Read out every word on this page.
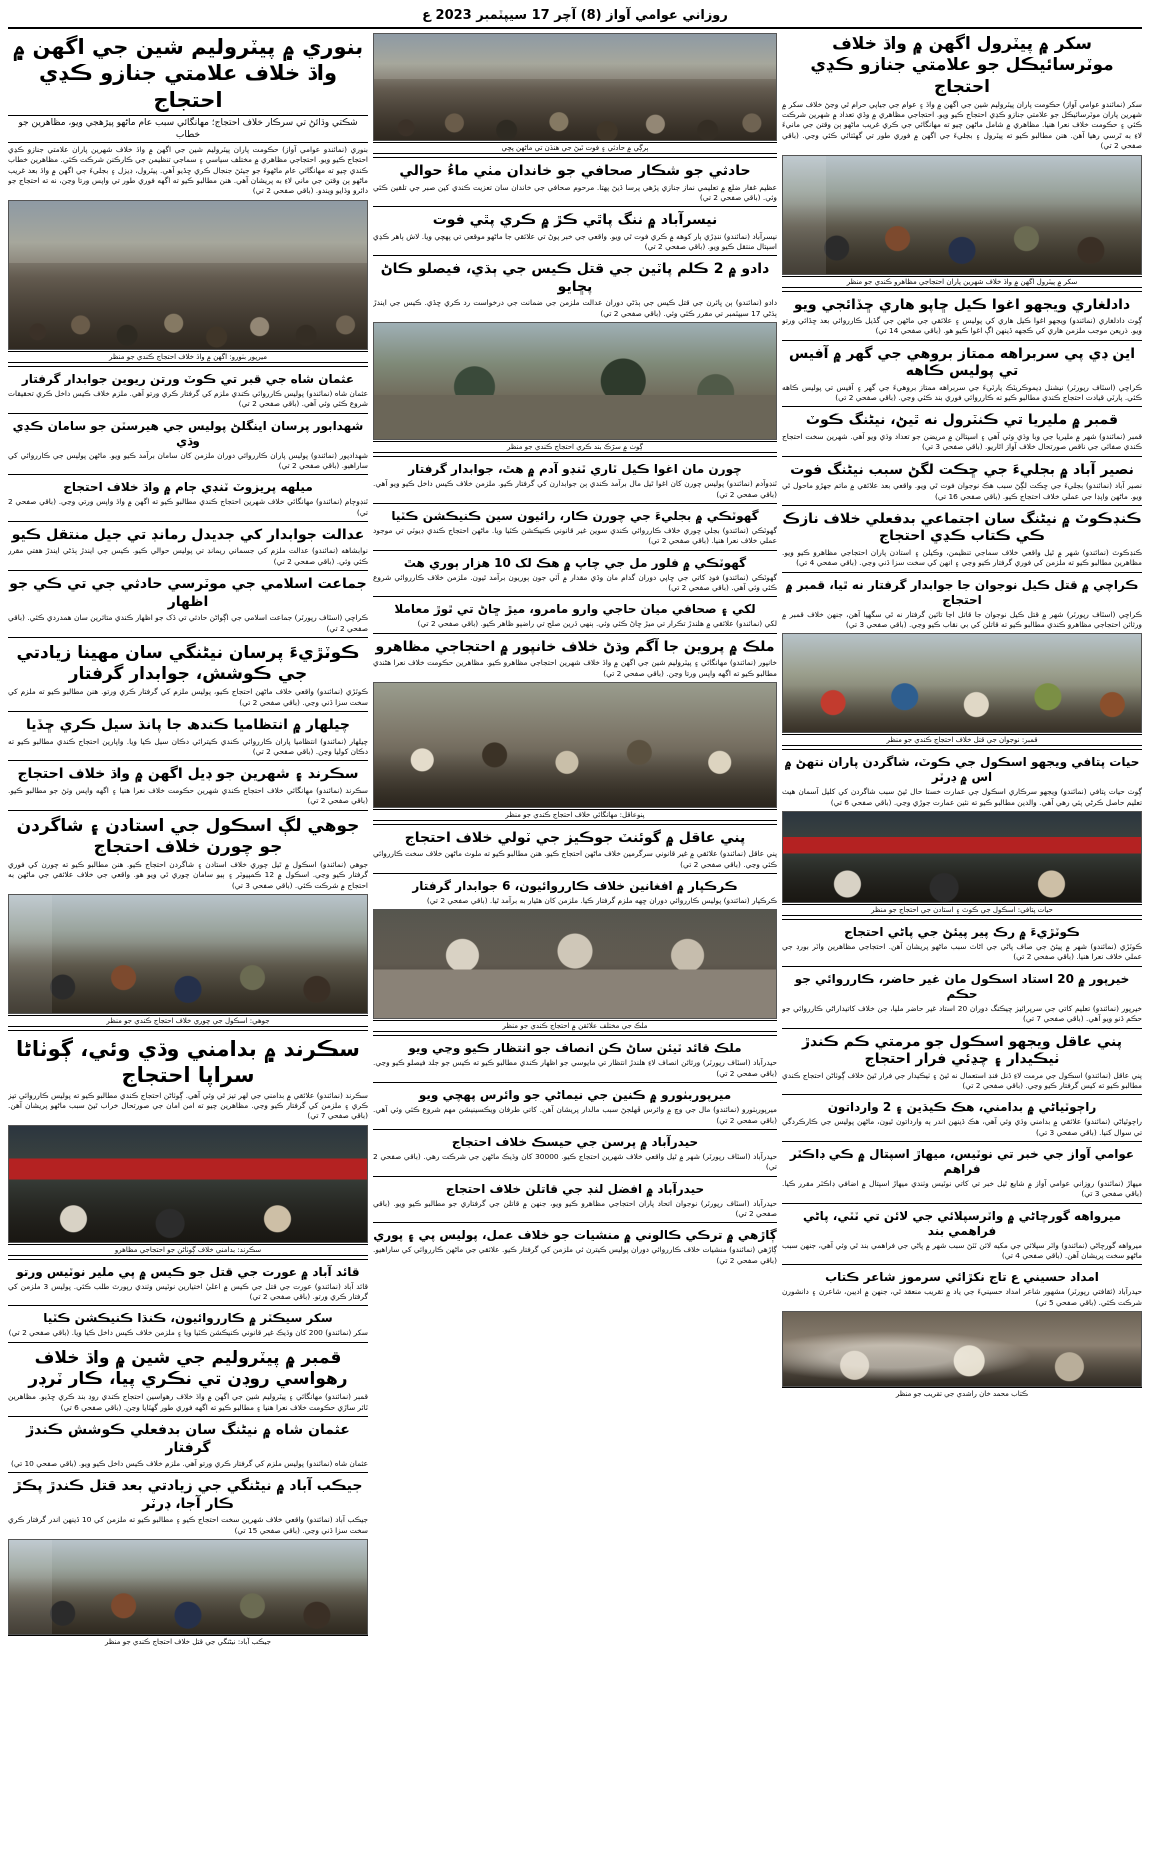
روزاني عوامي آواز (8) آچر 17 سيپٽمبر 2023 ع
سکر ۾ پيٽرول اگهن ۾ واڌ خلاف موٽرسائيڪل جو علامتي جنازو ڪڍي احتجاج
سکر (نمائندو عوامي آواز) حڪومت پاران پيٽروليم شين جي اگهن ۾ واڌ ۽ عوام جي جياپي حرام ٿي وڃڻ خلاف سکر ۾ شهرين پاران موٽرسائيڪل جو علامتي جنازو ڪڍي احتجاج ڪيو ويو. احتجاجي مظاهري ۾ وڏي تعداد ۾ شهرين شرڪت ڪئي ۽ حڪومت خلاف نعرا هنيا. مظاهري ۾ شامل ماڻهن چيو ته مهانگائي جي ڪري غريب ماڻهو ٻن وقتن جي مانيءَ لاءِ به تَرسي رهيا آهن. هنن مطالبو ڪيو ته پيٽرول ۽ بجليءَ جي اگهن ۾ فوري طور تي گهٽتائي ڪئي وڃي. (باقي صفحي 2 تي)
سکر ۾ پيٽرول اگهن ۾ واڌ خلاف شهرين پاران احتجاجي مظاهرو ڪندي جو منظر
دادلغاري ويجهو اغوا ڪيل ڇاپو هاري ڇڏائجي ويو
ڳوٺ دادلغاري (نمائندو) ويجهو اغوا ڪيل هاري کي پوليس ۽ علائقي جي ماڻهن جي گڏيل ڪارروائي بعد ڇڏائي ورتو ويو. ذريعن موجب ملزمن هاري کي ڪجهه ڏينهن اڳ اغوا ڪيو هو. (باقي صفحي 14 تي)
اين ڊي پي سربراهه ممتاز بروهي جي گهر ۾ آفيس تي پوليس ڪاهه
ڪراچي (اسٽاف رپورٽر) نيشنل ڊيموڪريٽڪ پارٽيءَ جي سربراهه ممتاز بروهيءَ جي گهر ۽ آفيس تي پوليس ڪاهه ڪئي. پارٽي قيادت احتجاج ڪندي مطالبو ڪيو ته ڪارروائي فوري بند ڪئي وڃي. (باقي صفحي 2 تي)
قمبر ۾ مليريا تي ڪنٽرول نه ٿيڻ، نيڻنگ ڪوٽ
قمبر (نمائندو) شهر ۾ مليريا جي وبا وڌي وئي آهي ۽ اسپتالن ۾ مريضن جو تعداد وڌي ويو آهي. شهرين سخت احتجاج ڪندي صفائي جي ناقص صورتحال خلاف آواز اٿاريو. (باقي صفحي 3 تي)
نصير آباد ۾ بجليءَ جي ڇڪت لگڻ سبب نيڻنگ فوت
نصير آباد (نمائندو) بجليءَ جي ڇڪت لڳڻ سبب هڪ نوجوان فوت ٿي ويو. واقعي بعد علائقي ۾ ماتم جهڙو ماحول ٿي ويو. ماڻهن واپڊا جي عملي خلاف احتجاج ڪيو. (باقي صفحي 16 تي)
ڪنڊڪوٽ ۾ نيڻنگ سان اجتماعي بدفعلي خلاف نازڪ ڪي ڪتاب ڪڍي احتجاج
ڪنڊڪوٽ (نمائندو) شهر ۾ ٿيل واقعي خلاف سماجي تنظيمن، وڪيلن ۽ استادن پاران احتجاجي مظاهرو ڪيو ويو. مظاهرين مطالبو ڪيو ته ملزمن کي فوري گرفتار ڪيو وڃي ۽ انهن کي سخت سزا ڏني وڃي. (باقي صفحي 4 تي)
ڪراچي ۾ قتل ڪيل نوجوان جا جوابدار گرفتار نه ٿيا، قمبر ۾ احتجاج
ڪراچي (اسٽاف رپورٽر) شهر ۾ قتل ڪيل نوجوان جا قاتل اڃا تائين گرفتار نه ٿي سگهيا آهن، جنهن خلاف قمبر ۾ ورثائن احتجاجي مظاهرو ڪندي مطالبو ڪيو ته قاتلن کي بي نقاب ڪيو وڃي. (باقي صفحي 3 تي)
قمبر: نوجوان جي قتل خلاف احتجاج ڪندي جو منظر
حيات پتافي ويجهو اسڪول جي ڪوٽ، شاگردن پاران نتهڻ ۾ اس ۾ ڊرٽر
ڳوٺ حيات پتافي (نمائندو) ويجهو سرڪاري اسڪول جي عمارت خستا حال ٿيڻ سبب شاگردن کي کليل آسمان هيٺ تعليم حاصل ڪرڻي پئي رهي آهي. والدين مطالبو ڪيو ته نئين عمارت جوڙي وڃي. (باقي صفحي 6 تي)
حيات پتافي: اسڪول جي ڪوٽ ۽ استادن جي احتجاج جو منظر
ڪوٽڙيءَ ۾ رڪ پير پيئڻ جي پاڻي احتجاج
ڪوٽڙي (نمائندو) شهر ۾ پيئڻ جي صاف پاڻي جي اڻاٺ سبب ماڻهو پريشان آهن. احتجاجي مظاهرين واٽر بورڊ جي عملي خلاف نعرا هنيا. (باقي صفحي 2 تي)
خيرپور ۾ 20 استاد اسڪول مان غير حاضر، ڪارروائي جو حڪم
خيرپور (نمائندو) تعليم کاتي جي سرپرائيز چيڪنگ دوران 20 استاد غير حاضر مليا، جن خلاف کاتيداراڻي ڪارروائي جو حڪم ڏنو ويو آهي. (باقي صفحي 7 تي)
پني عاقل ويجهو اسڪول جو مرمتي ڪم ڪندڙ ٺيڪيدار ۽ چڍئي فرار احتجاج
پني عاقل (نمائندو) اسڪول جي مرمت لاءِ ڏنل فنڊ استعمال نه ٿيڻ ۽ ٺيڪيدار جي فرار ٿيڻ خلاف ڳوٺاڻن احتجاج ڪندي مطالبو ڪيو ته کيس گرفتار ڪيو وڃي. (باقي صفحي 2 تي)
راڄوٽياڻي ۾ بدامني، هڪ ڪيڌين ۽ 2 وارداتون
راڄوٽياڻي (نمائندو) علائقي ۾ بدامني وڌي وئي آهي، هڪ ڏينهن اندر ٻه وارداتون ٿيون، ماڻهن پوليس جي ڪارڪردگي تي سوال کنيا. (باقي صفحي 3 تي)
عوامي آواز جي خبر تي نوٽيس، ميهاڙ اسپتال ۾ ڪي ڊاڪٽر فراهم
ميهاڙ (نمائندو) روزاني عوامي آواز ۾ شايع ٿيل خبر تي کاتي نوٽيس وٺندي ميهاڙ اسپتال ۾ اضافي ڊاڪٽر مقرر ڪيا. (باقي صفحي 3 تي)
ميرواهه گورچاڻي ۾ واٽرسپلائي جي لائن تي ٽٽي، پاڻي فراهمي بند
ميرواهه گورچاڻي (نمائندو) واٽر سپلائي جي مکيه لائن ٽٽڻ سبب شهر ۾ پاڻي جي فراهمي بند ٿي وئي آهي، جنهن سبب ماڻهو سخت پريشان آهن. (باقي صفحي 4 تي)
امداد حسيني ع تاج نکڙائي سرموز شاعر ڪتاب
حيدرآباد (ثقافتي رپورٽر) مشهور شاعر امداد حسينيءَ جي ياد ۾ تقريب منعقد ٿي، جنهن ۾ اديبن، شاعرن ۽ دانشورن شرڪت ڪئي. (باقي صفحي 5 تي)
ڪتاب محمد خان راشدي جي تقريب جو منظر
ٻرڳي ۾ حادثي ۽ فوت ٿيڻ جي هنڌن تي ماڻهن پڇي
حادثي جو شڪار صحافي جو خاندان مٺي ماءُ حوالي
عظيم غفار ضلع ۾ تعليمي نماز جنازي پڙهي پرسا ڏيڻ پهتا. مرحوم صحافي جي خاندان سان تعزيت ڪندي کين صبر جي تلقين ڪئي وئي. (باقي صفحي 2 تي)
نيسرآباد ۾ ننگ پاٿي ڪڙ ۾ ڪري پٿي فوت
نيسرآباد (نمائندو) ننڍڙي ٻار کوهه ۾ ڪري فوت ٿي ويو. واقعي جي خبر پوڻ تي علائقي جا ماڻهو موقعي تي پهچي ويا. لاش ٻاهر ڪڍي اسپتال منتقل ڪيو ويو. (باقي صفحي 2 تي)
دادو ۾ 2 ڪلم پاٽين جي قتل ڪيس جي ٻڌي، فيصلو ڪاڻ پڇايو
دادو (نمائندو) ٻن ڀائرن جي قتل ڪيس جي ٻڌڻي دوران عدالت ملزمن جي ضمانت جي درخواست رد ڪري ڇڏي. ڪيس جي ايندڙ ٻڌڻي 17 سيپٽمبر تي مقرر ڪئي وئي. (باقي صفحي 2 تي)
ڳوٺ ۾ سڙڪ بند ڪري احتجاج ڪندي جو منظر
چورن مان اغوا ڪيل ٽاري ٽنڊو آدم ۾ هٿ، جوابدار گرفتار
ٽنڊوآدم (نمائندو) پوليس چورن کان اغوا ٿيل مال برآمد ڪندي ٻن جوابدارن کي گرفتار ڪيو. ملزمن خلاف ڪيس داخل ڪيو ويو آهي. (باقي صفحي 2 تي)
گهوٽڪي ۾ بجليءَ جي چورن ڪار، رائيون سين ڪنيڪشن ڪٽيا
گهوٽڪي (نمائندو) بجلي چوري خلاف ڪارروائي ڪندي سوين غير قانوني ڪنيڪشن ڪٽيا ويا. ماڻهن احتجاج ڪندي ڊيوٽي تي موجود عملي خلاف نعرا هنيا. (باقي صفحي 2 تي)
گهوٽڪي ۾ فلور مل جي چاپ ۾ هڪ لک 10 هزار ٻوري هٿ
گهوٽڪي (نمائندو) فوڊ کاتي جي ڇاپي دوران گدام مان وڏي مقدار ۾ اَٽي جون ٻوريون برآمد ٿيون. ملزمن خلاف ڪارروائي شروع ڪئي وئي آهي. (باقي صفحي 2 تي)
لکي ۽ صحافي ميان حاجي وارو مامرو، ميڙ ڇاڻ تي ٿوڙ معاملا
لکي (نمائندو) علائقي ۾ هلندڙ تڪرار تي ميڙ ڇاڻ ڪئي وئي. ٻنهي ڌرين صلح تي راضپو ظاهر ڪيو. (باقي صفحي 2 تي)
ملڪ ۾ پروين جا آگم وڌڻ خلاف خانپور ۾ احتجاجي مظاهرو
خانپور (نمائندو) مهانگائي ۽ پيٽروليم شين جي اگهن ۾ واڌ خلاف شهرين احتجاجي مظاهرو ڪيو. مظاهرين حڪومت خلاف نعرا هڻندي مطالبو ڪيو ته اگهه واپس ورتا وڃن. (باقي صفحي 2 تي)
پنوعاقل: مهانگائي خلاف احتجاج ڪندي جو منظر
پني عاقل ۾ گوئنٽ جوڪيز جي ٽولي خلاف احتجاج
پني عاقل (نمائندو) علائقي ۾ غير قانوني سرگرمين خلاف ماڻهن احتجاج ڪيو. هنن مطالبو ڪيو ته ملوث ماڻهن خلاف سخت ڪارروائي ڪئي وڃي. (باقي صفحي 2 تي)
ڪرڪپار ۾ افغانين خلاف ڪارروائيون، 6 جوابدار گرفتار
ڪرڪپار (نمائندو) پوليس ڪارروائي دوران ڇهه ملزم گرفتار ڪيا. ملزمن کان هٿيار به برآمد ٿيا. (باقي صفحي 2 تي)
ملڪ جي مختلف علائقن ۾ احتجاج ڪندي جو منظر
ملڪ قائد ٽيئن ساڻ ڪن انصاف جو انتظار ڪيو وڃي ويو
حيدرآباد (اسٽاف رپورٽر) ورثائن انصاف لاءِ هلندڙ انتظار تي مايوسي جو اظهار ڪندي مطالبو ڪيو ته ڪيس جو جلد فيصلو ڪيو وڃي. (باقي صفحي 2 تي)
ميرپوربٺورو ۾ ڪنين جي نيماڻي جو وائرس پهچي ويو
ميرپوربٺورو (نمائندو) مال جي وچ ۾ وائرس ڦهلجڻ سبب مالدار پريشان آهن. کاتي طرفان ويڪسينيشن مهم شروع ڪئي وئي آهي. (باقي صفحي 2 تي)
حيدرآباد ۾ پرسن جي حيسڪ خلاف احتجاج
حيدرآباد (اسٽاف رپورٽر) شهر ۾ ٿيل واقعي خلاف شهرين احتجاج ڪيو. 30000 کان وڌيڪ ماڻهن جي شرڪت رهي. (باقي صفحي 2 تي)
حيدرآباد ۾ افضل لنڊ جي قاتلن خلاف احتجاج
حيدرآباد (اسٽاف رپورٽر) نوجوان اتحاد پاران احتجاجي مظاهرو ڪيو ويو، جنهن ۾ قاتلن جي گرفتاري جو مطالبو ڪيو ويو. (باقي صفحي 2 تي)
ڳاڙهي ۾ ترڪي ڪالوني ۾ منشيات جو خلاف عمل، پوليس پي ۽ پوري
ڳاڙهي (نمائندو) منشيات خلاف ڪارروائي دوران پوليس ڪيترن ئي ملزمن کي گرفتار ڪيو. علائقي جي ماڻهن ڪارروائي کي ساراهيو. (باقي صفحي 2 تي)
بنوري ۾ پيٽروليم شين جي اگهن ۾ واڌ خلاف علامتي جنازو ڪڍي احتجاج
شڪتي وڌائڻ تي سرڪار خلاف احتجاج؛ مهانگائي سبب عام ماڻهو پيڙهجي ويو، مظاهرين جو خطاب
بنوري (نمائندو عوامي آواز) حڪومت پاران پيٽروليم شين جي اگهن ۾ واڌ خلاف شهرين پاران علامتي جنازو ڪڍي احتجاج ڪيو ويو. احتجاجي مظاهري ۾ مختلف سياسي ۽ سماجي تنظيمن جي ڪارڪنن شرڪت ڪئي. مظاهرين خطاب ڪندي چيو ته مهانگائي عام ماڻهوءَ جو جيئڻ جنجال ڪري ڇڏيو آهي. پيٽرول، ڊيزل ۽ بجليءَ جي اگهن ۾ واڌ بعد غريب ماڻهو ٻن وقتن جي ماني لاءِ به پريشان آهي. هنن مطالبو ڪيو ته اگهه فوري طور تي واپس ورتا وڃن، نه ته احتجاج جو دائرو وڌايو ويندو. (باقي صفحي 2 تي)
ميرپور بٺورو: اگهن ۾ واڌ خلاف احتجاج ڪندي جو منظر
عثمان شاه جي قبر تي ڪوٽ ورتن ريوين جوابدار گرفتار
عثمان شاه (نمائندو) پوليس ڪارروائي ڪندي ملزم کي گرفتار ڪري ورتو آهي. ملزم خلاف ڪيس داخل ڪري تحقيقات شروع ڪئي وئي آهي. (باقي صفحي 2 تي)
شهدابور پرسان اينگلڻ پوليس جي هيرسٽن جو سامان ڪڍي وڌي
شهدادپور (نمائندو) پوليس پاران ڪارروائي دوران ملزمن کان سامان برآمد ڪيو ويو. ماڻهن پوليس جي ڪارروائي کي ساراهيو. (باقي صفحي 2 تي)
ميلهه پريزوٽ ٽنڊي ڄام ۾ واڌ خلاف احتجاج
ٽنڊوڄام (نمائندو) مهانگائي خلاف شهرين احتجاج ڪندي مطالبو ڪيو ته اگهن ۾ واڌ واپس ورتي وڃي. (باقي صفحي 2 تي)
عدالت جوابدار کي جديدل رمانڊ تي جيل منتقل ڪيو
نوابشاهه (نمائندو) عدالت ملزم کي جسماني ريمانڊ تي پوليس حوالي ڪيو. ڪيس جي ايندڙ ٻڌڻي ايندڙ هفتي مقرر ڪئي وئي. (باقي صفحي 2 تي)
جماعت اسلامي جي موٽرسي حادثي جي تي ڪي جو اظهار
ڪراچي (اسٽاف رپورٽر) جماعت اسلامي جي اڳواڻن حادثي تي ڏک جو اظهار ڪندي متاثرين سان همدردي ڪئي. (باقي صفحي 2 تي)
ڪوٽڙيءَ پرسان نيڻنگي سان مهينا زيادتي جي ڪوشش، جوابدار گرفتار
ڪوٽڙي (نمائندو) واقعي خلاف ماڻهن احتجاج ڪيو، پوليس ملزم کي گرفتار ڪري ورتو. هنن مطالبو ڪيو ته ملزم کي سخت سزا ڏني وڃي. (باقي صفحي 2 تي)
چيلهار ۾ انتظاميا ڪندھ جا پانڌ سيل ڪري ڇڏيا
چيلهار (نمائندو) انتظاميا پاران ڪارروائي ڪندي ڪيترائي دڪان سيل ڪيا ويا. واپارين احتجاج ڪندي مطالبو ڪيو ته دڪان کوليا وڃن. (باقي صفحي 2 تي)
سڪرند ۽ شهرين جو ڊيل اگهن ۾ واڌ خلاف احتجاج
سڪرند (نمائندو) مهانگائي خلاف احتجاج ڪندي شهرين حڪومت خلاف نعرا هنيا ۽ اگهه واپس وٺڻ جو مطالبو ڪيو. (باقي صفحي 2 تي)
جوهي لڳ اسڪول جي استادن ۽ شاگردن جو چورن خلاف احتجاج
جوهي (نمائندو) اسڪول ۾ ٿيل چوري خلاف استادن ۽ شاگردن احتجاج ڪيو. هنن مطالبو ڪيو ته چورن کي فوري گرفتار ڪيو وڃي. اسڪول ۾ 12 ڪمپيوٽر ۽ ٻيو سامان چوري ٿي ويو هو. واقعي جي خلاف علائقي جي ماڻهن به احتجاج ۾ شرڪت ڪئي. (باقي صفحي 3 تي)
جوهي: اسڪول جي چوري خلاف احتجاج ڪندي جو منظر
سڪرند ۾ بدامني وڌي وئي، ڳوٺاڻا سراپا احتجاج
سڪرند (نمائندو) علائقي ۾ بدامني جي لهر تيز ٿي وئي آهي. ڳوٺاڻن احتجاج ڪندي مطالبو ڪيو ته پوليس ڪارروائي تيز ڪري ۽ ملزمن کي گرفتار ڪيو وڃي. مظاهرين چيو ته امن امان جي صورتحال خراب ٿيڻ سبب ماڻهو پريشان آهن. (باقي صفحي 7 تي)
سڪرند: بدامني خلاف ڳوٺاڻن جو احتجاجي مظاهرو
قائد آباد ۾ عورت جي قتل جو ڪيس ۾ پي ملير نوٽيس ورتو
قائد آباد (نمائندو) عورت جي قتل جي ڪيس ۾ اعليٰ اختيارين نوٽيس وٺندي رپورٽ طلب ڪئي. پوليس 3 ملزمن کي گرفتار ڪري ورتو. (باقي صفحي 2 تي)
سکر سيڪٽر ۾ ڪارروائيون، ڪنڌا ڪنيڪشن ڪٽيا
سکر (نمائندو) 200 کان وڌيڪ غير قانوني ڪنيڪشن ڪٽيا ويا ۽ ملزمن خلاف ڪيس داخل ڪيا ويا. (باقي صفحي 2 تي)
قمبر ۾ پيٽروليم جي شين ۾ واڌ خلاف رهواسي روڊن تي نڪري پيا، ڪار ٽرڊر
قمبر (نمائندو) مهانگائي ۽ پيٽروليم شين جي اگهن ۾ واڌ خلاف رهواسين احتجاج ڪندي روڊ بند ڪري ڇڏيو. مظاهرين ٽائر ساڙي حڪومت خلاف نعرا هنيا ۽ مطالبو ڪيو ته اگهه فوري طور گهٽايا وڃن. (باقي صفحي 6 تي)
عثمان شاه ۾ نيڻنگ سان بدفعلي ڪوشش ڪندڙ گرفتار
عثمان شاه (نمائندو) پوليس ملزم کي گرفتار ڪري ورتو آهي. ملزم خلاف ڪيس داخل ڪيو ويو. (باقي صفحي 10 تي)
جيڪب آباد ۾ نيڻنگي جي زيادتي بعد قتل ڪندڙ پڪڙ ڪار آجا، ڊرٽر
جيڪب آباد (نمائندو) واقعي خلاف شهرين سخت احتجاج ڪيو ۽ مطالبو ڪيو ته ملزمن کي 10 ڏينهن اندر گرفتار ڪري سخت سزا ڏني وڃي. (باقي صفحي 15 تي)
جيڪب آباد: نيڻنگي جي قتل خلاف احتجاج ڪندي جو منظر
